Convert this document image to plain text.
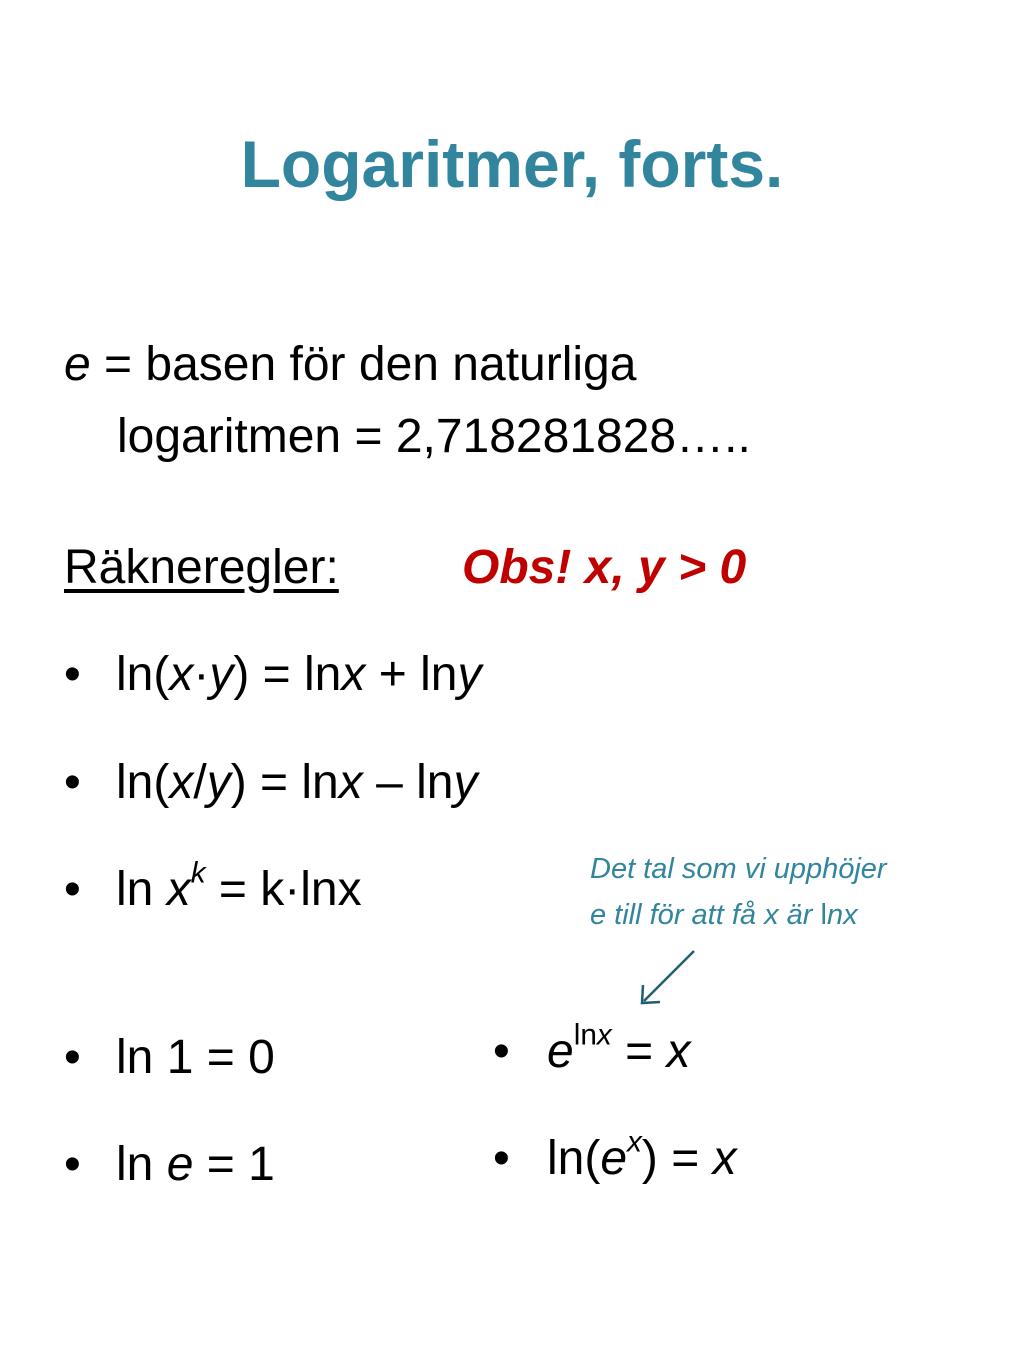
Logaritmer, forts.
e = basen för den naturliga
logaritmen = 2,718281828…..
Räkneregler:	Obs! x, y > 0
• ln(x·y) = lnx + lny
• ln(x/y) = lnx – lny
• $\ln x^k = k\cdot\ln x$
• ln 1 = 0
• ln e = 1
• $e^{lnx} = x$
• $\ln(e^x) = x$
Det tal som vi upphöjer
e till för att få x är lnx
